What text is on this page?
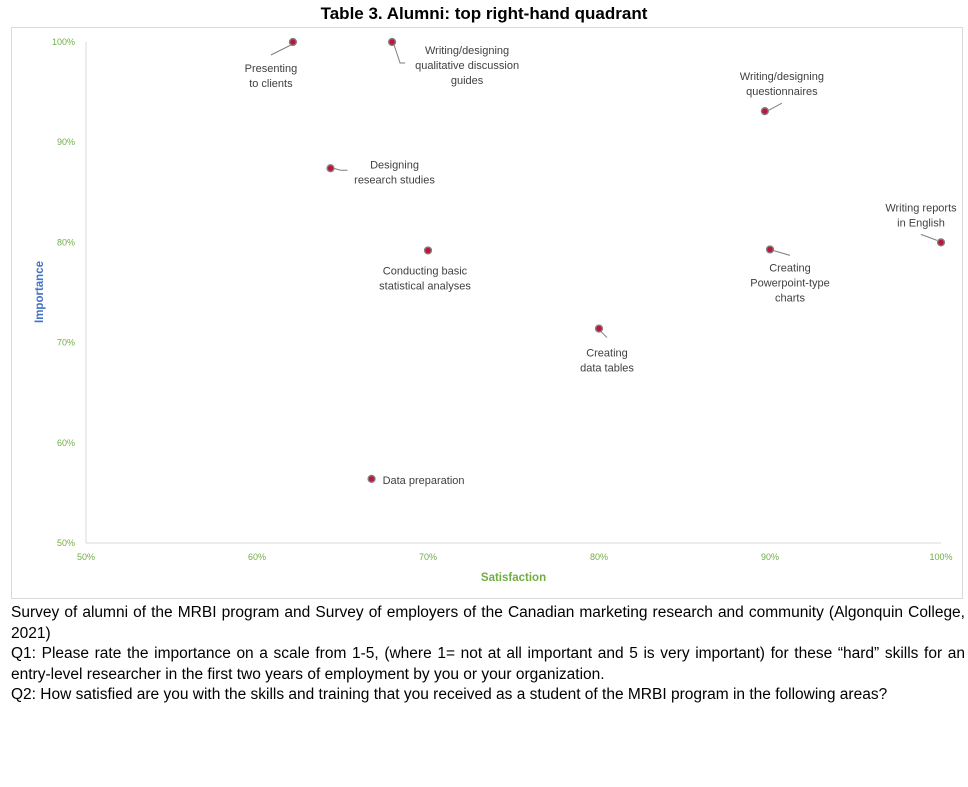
Table 3. Alumni: top right-hand quadrant
50%	60%	70%	80%	90%	100%
50%
60%
70%
80%
90%
100%
Satisfaction
Importance
Presenting
to clients
Writing/designing
qualitative discussion
guides	Writing/designing
questionnaires
Designing
research studies
Writing reports
in English
Conducting basic
statistical analyses
Creating
Powerpoint-type
charts
Creating
data tables
Data preparation

Survey of alumni of the MRBI program and Survey of employers of the Canadian marketing research and community (Algonquin College, 2021)

Q1: Please rate the importance on a scale from 1-5, (where 1= not at all important and 5 is very important) for these “hard” skills for an entry-level researcher in the first two years of employment by you or your organization.

Q2: How satisfied are you with the skills and training that you received as a student of the MRBI program in the following areas?
